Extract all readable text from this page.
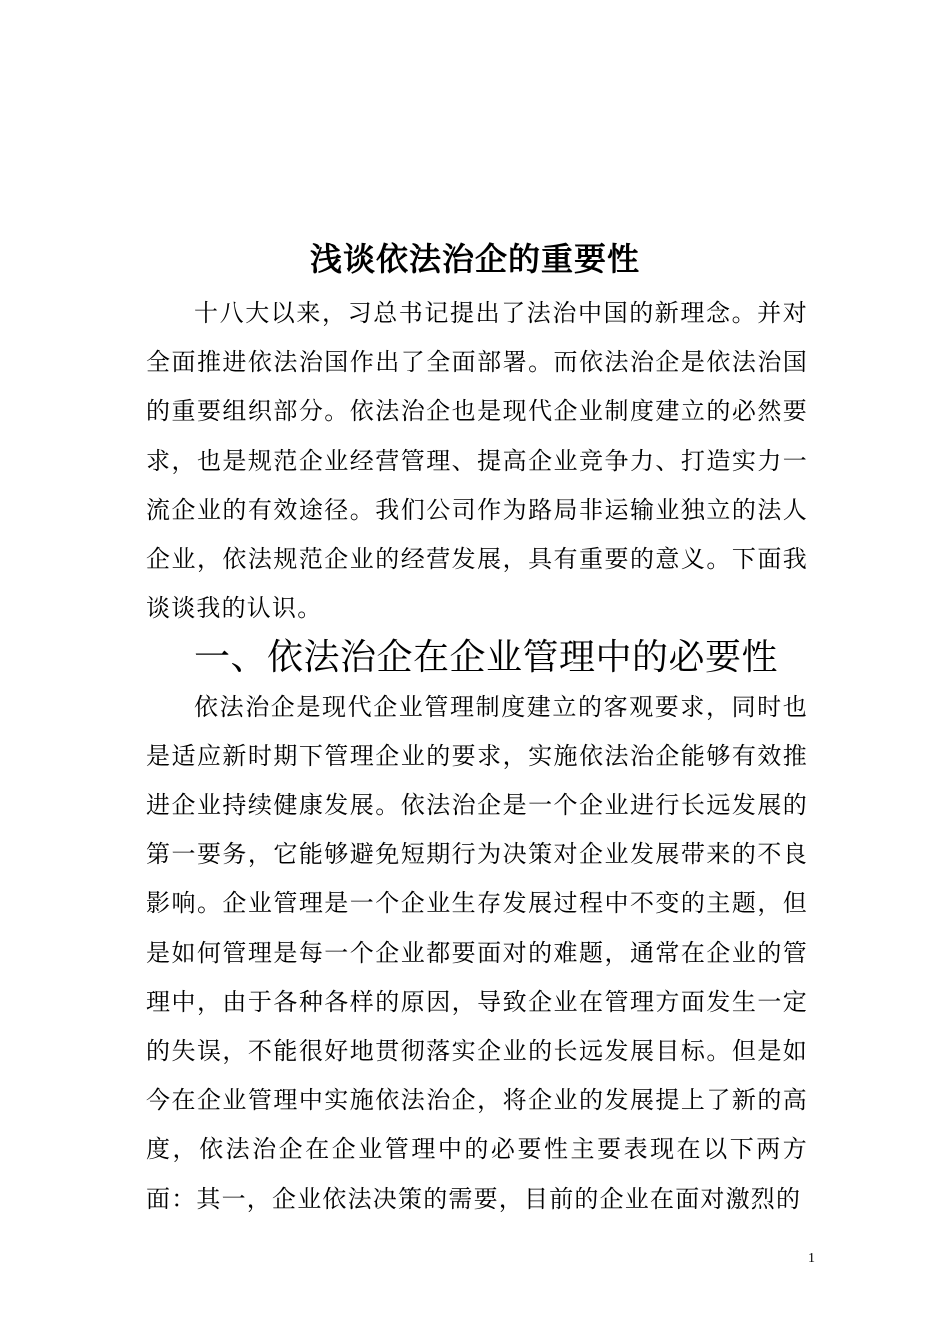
浅谈依法治企的重要性

十八大以来，习总书记提出了法治中国的新理念。并对全面推进依法治国作出了全面部署。而依法治企是依法治国的重要组织部分。依法治企也是现代企业制度建立的必然要求，也是规范企业经营管理、提高企业竞争力、打造实力一流企业的有效途径。我们公司作为路局非运输业独立的法人企业，依法规范企业的经营发展，具有重要的意义。下面我谈谈我的认识。

一、依法治企在企业管理中的必要性

依法治企是现代企业管理制度建立的客观要求，同时也是适应新时期下管理企业的要求，实施依法治企能够有效推进企业持续健康发展。依法治企是一个企业进行长远发展的第一要务，它能够避免短期行为决策对企业发展带来的不良影响。企业管理是一个企业生存发展过程中不变的主题，但是如何管理是每一个企业都要面对的难题，通常在企业的管理中，由于各种各样的原因，导致企业在管理方面发生一定的失误，不能很好地贯彻落实企业的长远发展目标。但是如今在企业管理中实施依法治企，将企业的发展提上了新的高度，依法治企在企业管理中的必要性主要表现在以下两方面：其一，企业依法决策的需要，目前的企业在面对激烈的

1
